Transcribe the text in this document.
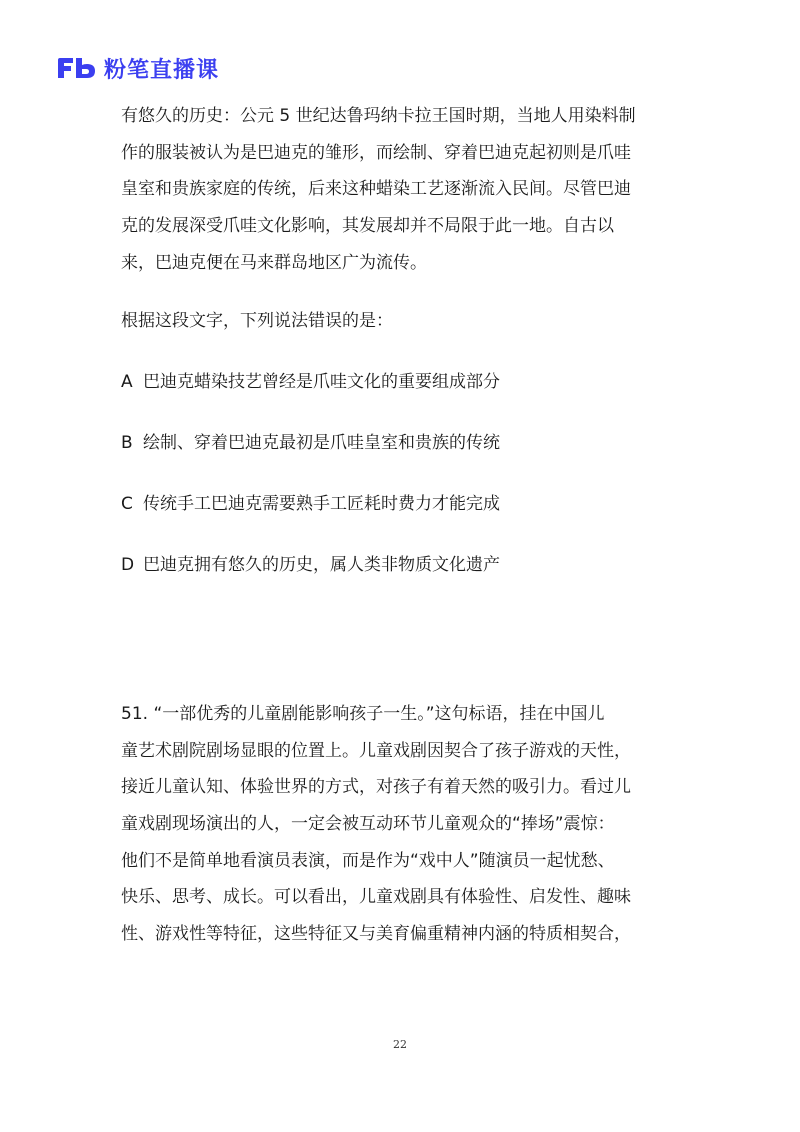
粉笔直播课
有悠久的历史：公元 5 世纪达鲁玛纳卡拉王国时期，当地人用染料制
作的服装被认为是巴迪克的雏形，而绘制、穿着巴迪克起初则是爪哇
皇室和贵族家庭的传统，后来这种蜡染工艺逐渐流入民间。尽管巴迪
克的发展深受爪哇文化影响，其发展却并不局限于此一地。自古以
来，巴迪克便在马来群岛地区广为流传。
根据这段文字，下列说法错误的是：
A 巴迪克蜡染技艺曾经是爪哇文化的重要组成部分
B 绘制、穿着巴迪克最初是爪哇皇室和贵族的传统
C 传统手工巴迪克需要熟手工匠耗时费力才能完成
D 巴迪克拥有悠久的历史，属人类非物质文化遗产
51. “一部优秀的儿童剧能影响孩子一生。”这句标语，挂在中国儿
童艺术剧院剧场显眼的位置上。儿童戏剧因契合了孩子游戏的天性，
接近儿童认知、体验世界的方式，对孩子有着天然的吸引力。看过儿
童戏剧现场演出的人，一定会被互动环节儿童观众的“捧场”震惊：
他们不是简单地看演员表演，而是作为“戏中人”随演员一起忧愁、
快乐、思考、成长。可以看出，儿童戏剧具有体验性、启发性、趣味
性、游戏性等特征，这些特征又与美育偏重精神内涵的特质相契合，
22
